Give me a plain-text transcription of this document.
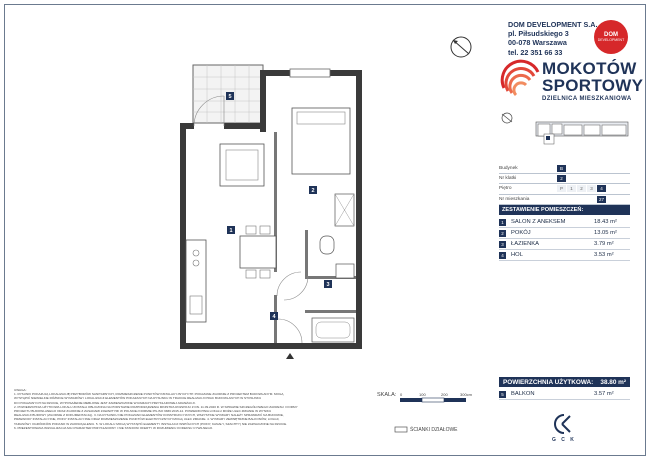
5
1
2
3
4
DOM DEVELOPMENT S.A.
pl. Piłsudskiego 3
00-078 Warszawa
tel. 22 351 66 33
DOM
DEVELOPMENT
MOKOTÓW
SPORTOWY
DZIELNICA MIESZKANIOWA
Budynek	B
Nr klatki	2
Piętro	P	1	2	3	4
Nr mieszkania	27
ZESTAWIENIE POMIESZCZEŃ:
1	SALON Z ANEKSEM	18.43 m²
2	POKÓJ	13.05 m²
3	ŁAZIENKA	3.79 m²
4	HOL	3.53 m²
POWIERZCHNIA UŻYTKOWA: 38.80 m²
5	BALKON	3.57 m²
UWAGA:
1. RYSUNKI POKAZUJĄ LOKALIZACJĘ PRZYBORÓW SANITARNYCH, ROZMIESZCZENIE PUNKTÓW INSTALACYJNYCH ITP. POKAZANE ZGODNIE Z PROJEKTEM BUDOWLANYM. MOGĄ
WYSTĄPIĆ NIEWIELKIE RÓŻNICE WYMIARÓW I LOKALIZACJI ELEMENTÓW POKAZANYCH NA RYSUNKU W TRAKCIE REALIZACJI PRAC BUDOWLANYCH W STOSUNKU
DO POKAZANYCH NA RZUCIE, WYPOSAŻENIE MEBLOWE JEST ZAMIESZCZONE W RAMACH PRZYKŁADOWEJ ARANŻACJI.
2. POWIERZCHNIA UŻYTKOWA LOKALU ZOSTAŁA OBLICZONA NA PODSTAWIE ROZPORZĄDZENIA MINISTRA ROZWOJU Z DN. 11.09.2020 R. W SPRAWIE SZCZEGÓŁOWEGO ZAKRESU I FORMY
PROJEKTU BUDOWLANEGO ORAZ ZGODNIE Z ZASADAMI ZAWARTYMI W POLSKIEJ NORMIE PN-ISO 9836:2015-12. POWIERZCHNIA LOKALU MOŻE ULEC ZMIANIE W WYNIKU
REALIZACJI BUDOWY (ZGODNIE Z DOKUMENTACJĄ). 3. NA RYSUNKU NIE POKAZANO ELEMENTÓW KONSTRUKCYJNYCH, WSZYSTKIE WYMIARY NALEŻY SPRAWDZIĆ NA BUDOWIE,
PRZEWODY INSTALACYJNE, PIONY INSTALACYJNE ORAZ ROZMIESZCZENIE PUNKTÓW ELEKTRYCZNYCH MOGĄ ULEC ZMIANIE. 4. WYMIARY ZEWNĘTRZNE BALKONÓW, LOGGII,
TARASÓW I OGRÓDKÓW PODANO W ZAOKRĄGLENIU. 5. W LOKALU MOGĄ WYSTĄPIĆ ELEMENTY INSTALACJI WSPÓLNYCH (PIONY, KANAŁY, SZACHTY) NIE ZAZNACZONE NA RZUCIE.
6. PREZENTOWANA WIZUALIZACJA MA CHARAKTER PRZYKŁADOWY I NIE STANOWI OFERTY W ROZUMIENIU KODEKSU CYWILNEGO.
SKALA: 0	100	200	300cm
ŚCIANKI DZIAŁOWE
G C K
